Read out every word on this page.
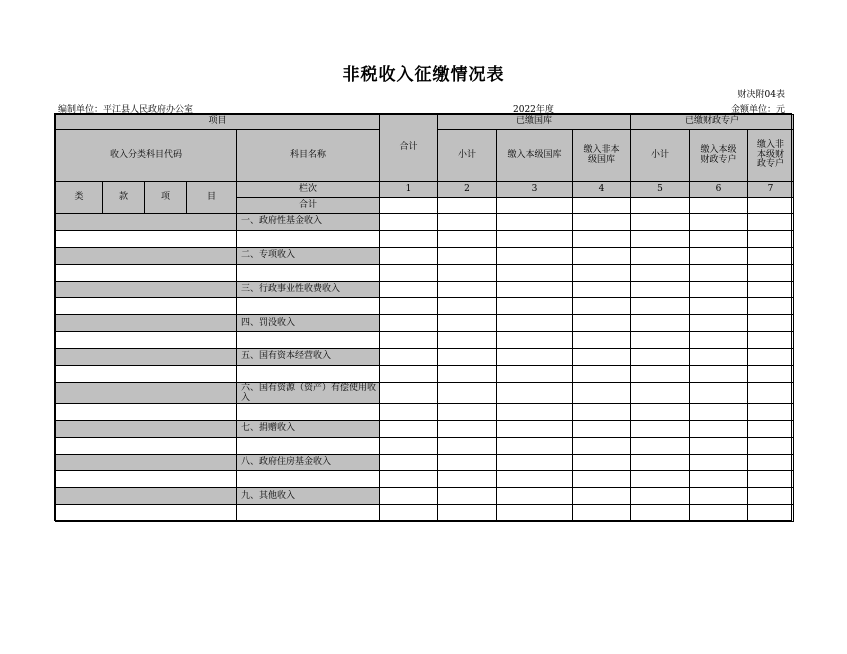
非税收入征缴情况表
财决附04表
编制单位：平江县人民政府办公室	2022年度	金额单位：元
项目					合计	已缴国库			已缴财政专户		
收入分类科目代码				科目名称		小计	缴入本级国库	缴入非本级国库	小计	缴入本级财政专户	缴入非本级财政专户
类	款	项	目	栏次	1	2	3	4	5	6	7
				合计							
				一、政府性基金收入							

				二、专项收入							

				三、行政事业性收费收入							

				四、罚没收入							

				五、国有资本经营收入							

				六、国有资源（资产）有偿使用收入							

				七、捐赠收入							

				八、政府住房基金收入							

				九、其他收入							
